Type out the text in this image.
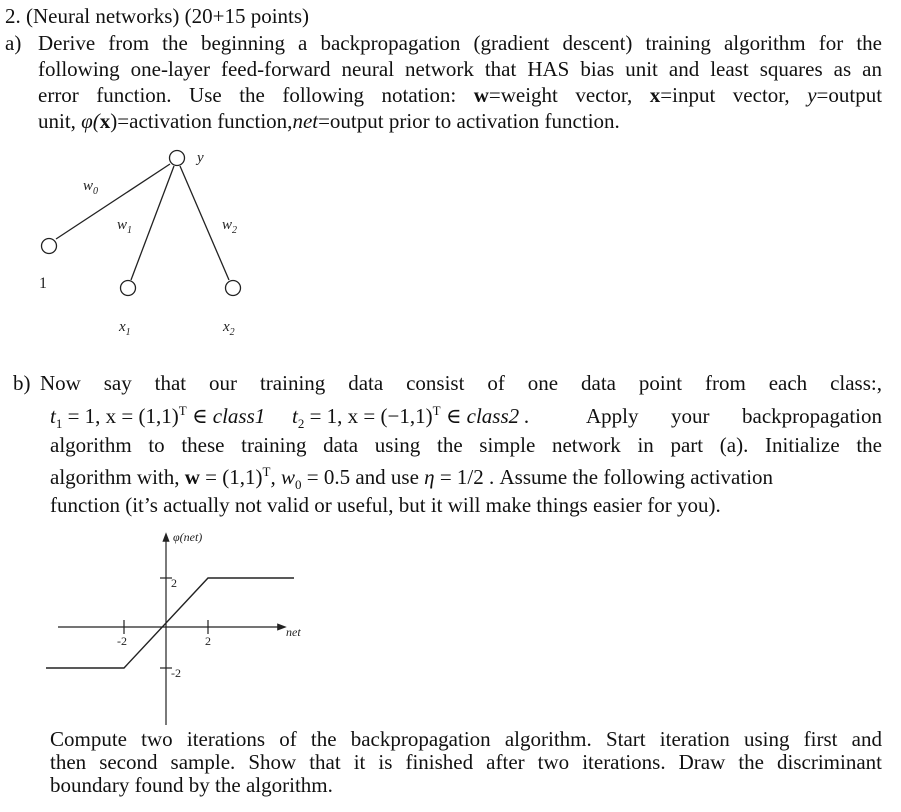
2. (Neural networks) (20+15 points)
a) Derive from the beginning a backpropagation (gradient descent) training algorithm for the
following one-layer feed-forward neural network that HAS bias unit and least squares as an
error function. Use the following notation: w=weight vector, x=input vector, y=output
unit, φ(x)=activation function,net=output prior to activation function.
y
$w_0$
$w_1$	$w_2$
$x_1$	$x_2$
1
b) Now say that our training data consist of one data point from each class:,
$t_1 = 1$, $x = (1,1)^T$ ∈ class1 $t_2 = 1$, $x = (-1,1)^T$ ∈ class2 .	Apply your backpropagation
algorithm to these training data using the simple network in part (a). Initialize the
algorithm with, $w = (1,1)^T$, $w_0 = 0.5$ and use η = 1/2 . Assume the following activation
function (it’s actually not valid or useful, but it will make things easier for you).
φ(net)
net
-2	2
2
-2
Compute two iterations of the backpropagation algorithm. Start iteration using first and
then second sample. Show that it is finished after two iterations. Draw the discriminant
boundary found by the algorithm.
